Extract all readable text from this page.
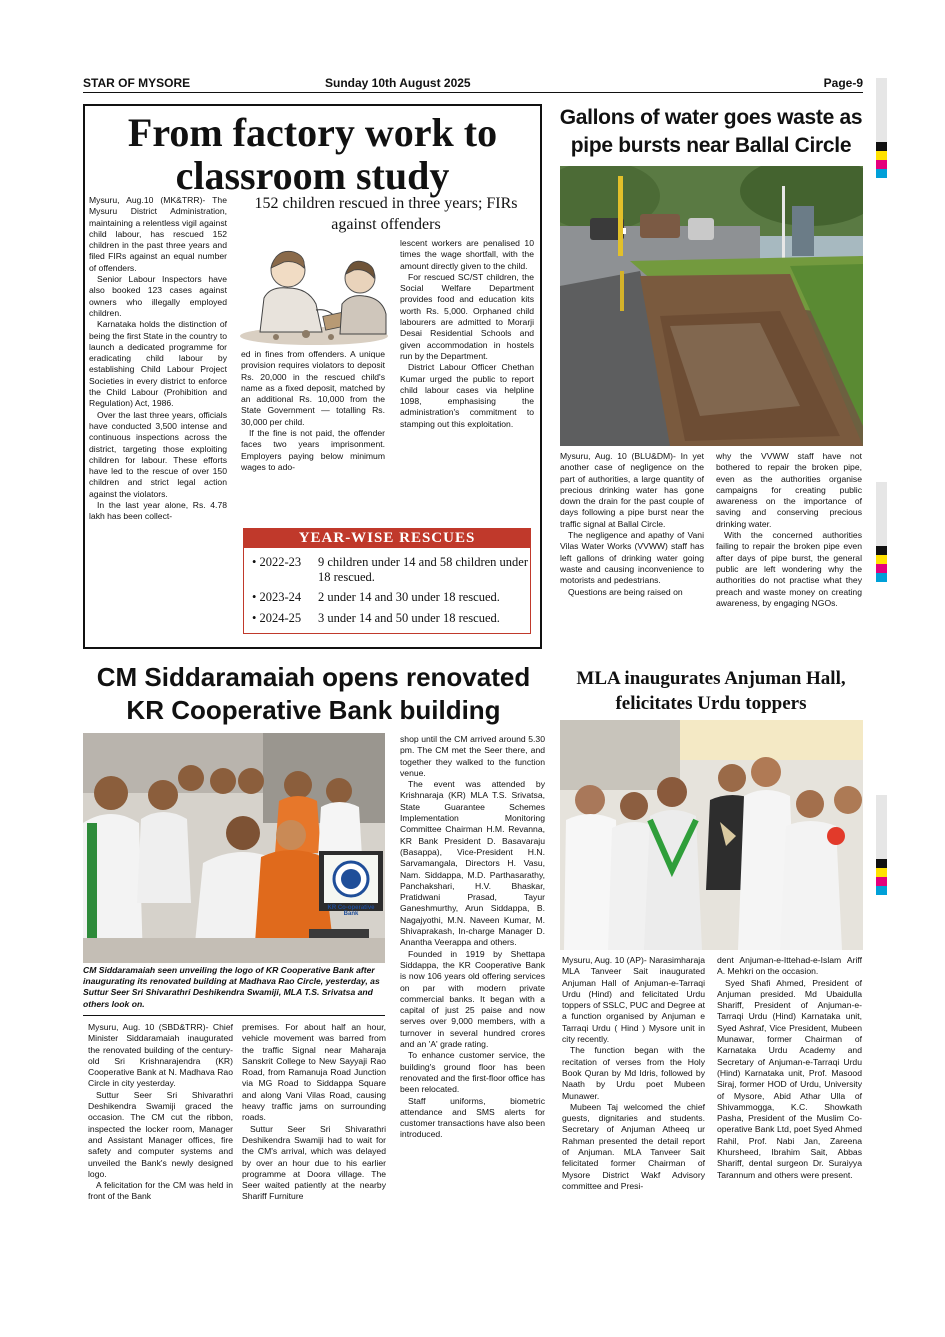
STAR OF MYSORE	Sunday 10th August 2025	Page-9
From factory work to classroom study

Mysuru, Aug.10 (MK&TRR)- The Mysuru District Administration, maintaining a relentless vigil against child labour, has rescued 152 children in the past three years and filed FIRs against an equal number of offenders.

Senior Labour Inspectors have also booked 123 cases against owners who illegally employed children.

Karnataka holds the distinction of being the first State in the country to launch a dedicated programme for eradicating child labour by establishing Child Labour Project Societies in every district to enforce the Child Labour (Prohibition and Regulation) Act, 1986.

Over the last three years, officials have conducted 3,500 intense and continuous inspections across the district, targeting those exploiting children for labour. These efforts have led to the rescue of over 150 children and strict legal action against the violators.

In the last year alone, Rs. 4.78 lakh has been collect-

152 children rescued in three years; FIRs against offenders

ed in fines from offenders. A unique provision requires violators to deposit Rs. 20,000 in the rescued child's name as a fixed deposit, matched by an additional Rs. 10,000 from the State Government — totalling Rs. 30,000 per child.

If the fine is not paid, the offender faces two years imprisonment. Employers paying below minimum wages to ado-

lescent workers are penalised 10 times the wage shortfall, with the amount directly given to the child.

For rescued SC/ST children, the Social Welfare Department provides food and education kits worth Rs. 5,000. Orphaned child labourers are admitted to Morarji Desai Residential Schools and given accommodation in hostels run by the Department.

District Labour Officer Chethan Kumar urged the public to report child labour cases via helpline 1098, emphasising the administration's commitment to stamping out this exploitation.

YEAR-WISE RESCUES
• 2022-23	9 children under 14 and 58 children under 18 rescued.
• 2023-24	2 under 14 and 30 under 18 rescued.
• 2024-25	3 under 14 and 50 under 18 rescued.
Gallons of water goes waste as pipe bursts near Ballal Circle

Mysuru, Aug. 10 (BLU&DM)- In yet another case of negligence on the part of authorities, a large quantity of precious drinking water has gone down the drain for the past couple of days following a pipe burst near the traffic signal at Ballal Circle.

The negligence and apathy of Vani Vilas Water Works (VVWW) staff has left gallons of drinking water going waste and causing inconvenience to motorists and pedestrians.

Questions are being raised on

why the VVWW staff have not bothered to repair the broken pipe, even as the authorities organise campaigns for creating public awareness on the importance of saving and conserving precious drinking water.

With the concerned authorities failing to repair the broken pipe even after days of pipe burst, the general public are left wondering why the authorities do not practise what they preach and waste money on creating awareness, by engaging NGOs.

CM Siddaramaiah opens renovated
KR Cooperative Bank building
KR Co-operative Bank
CM Siddaramaiah seen unveiling the logo of KR Cooperative Bank after inaugurating its renovated building at Madhava Rao Circle, yesterday, as Suttur Seer Sri Shivarathri Deshikendra Swamiji, MLA T.S. Srivatsa and others look on.

Mysuru, Aug. 10 (SBD&TRR)- Chief Minister Siddaramaiah inaugurated the renovated building of the century-old Sri Krishnarajendra (KR) Cooperative Bank at N. Madhava Rao Circle in city yesterday.

Suttur Seer Sri Shivarathri Deshikendra Swamiji graced the occasion. The CM cut the ribbon, inspected the locker room, Manager and Assistant Manager offices, fire safety and computer systems and unveiled the Bank's newly designed logo.

A felicitation for the CM was held in front of the Bank

premises. For about half an hour, vehicle movement was barred from the traffic Signal near Maharaja Sanskrit College to New Sayyaji Rao Road, from Ramanuja Road Junction via MG Road to Siddappa Square and along Vani Vilas Road, causing heavy traffic jams on surrounding roads.

Suttur Seer Sri Shivarathri Deshikendra Swamiji had to wait for the CM's arrival, which was delayed by over an hour due to his earlier programme at Doora village. The Seer waited patiently at the nearby Shariff Furniture

shop until the CM arrived around 5.30 pm. The CM met the Seer there, and together they walked to the function venue.

The event was attended by Krishnaraja (KR) MLA T.S. Srivatsa, State Guarantee Schemes Implementation Monitoring Committee Chairman H.M. Revanna, KR Bank President D. Basavaraju (Basappa), Vice-President H.N. Sarvamangala, Directors H. Vasu, Nam. Siddappa, M.D. Parthasarathy, Panchakshari, H.V. Bhaskar, Pratidwani Prasad, Tayur Ganeshmurthy, Arun Siddappa, B. Nagajyothi, M.N. Naveen Kumar, M. Shivaprakash, In-charge Manager D. Anantha Veerappa and others.

Founded in 1919 by Shettapa Siddappa, the KR Cooperative Bank is now 106 years old offering services on par with modern private commercial banks. It began with a capital of just 25 paise and now serves over 9,000 members, with a turnover in several hundred crores and an 'A' grade rating.

To enhance customer service, the building's ground floor has been renovated and the first-floor office has been relocated.

Staff uniforms, biometric attendance and SMS alerts for customer transactions have also been introduced.

MLA inaugurates Anjuman Hall,
felicitates Urdu toppers

Mysuru, Aug. 10 (AP)- Narasimharaja MLA Tanveer Sait inaugurated Anjuman Hall of Anjuman-e-Tarraqi Urdu (Hind) and felicitated Urdu toppers of SSLC, PUC and Degree at a function organised by Anjuman e Tarraqi Urdu ( Hind ) Mysore unit in city recently.

The function began with the recitation of verses from the Holy Book Quran by Md Idris, followed by Naath by Urdu poet Mubeen Munawer.

Mubeen Taj welcomed the chief guests, dignitaries and students. Secretary of Anjuman Atheeq ur Rahman presented the detail report of Anjuman. MLA Tanveer Sait felicitated former Chairman of Mysore District Wakf Advisory committee and Presi-

dent Anjuman-e-Ittehad-e-Islam Ariff A. Mehkri on the occasion.

Syed Shafi Ahmed, President of Anjuman presided. Md Ubaidulla Shariff, President of Anjuman-e-Tarraqi Urdu (Hind) Karnataka unit, Syed Ashraf, Vice President, Mubeen Munawar, former Chairman of Karnataka Urdu Academy and Secretary of Anjuman-e-Tarraqi Urdu (Hind) Karnataka unit, Prof. Masood Siraj, former HOD of Urdu, University of Mysore, Abid Athar Ulla of Shivammogga, K.C. Showkath Pasha, President of the Muslim Co-operative Bank Ltd, poet Syed Ahmed Rahil, Prof. Nabi Jan, Zareena Khursheed, Ibrahim Sait, Abbas Shariff, dental surgeon Dr. Suraiyya Tarannum and others were present.
